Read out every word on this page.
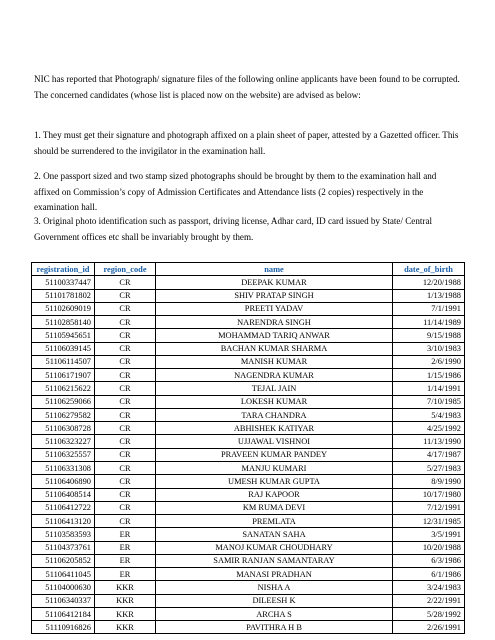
NIC has reported that Photograph/ signature files of the following online applicants have been found to be corrupted. The concerned candidates (whose list is placed now on the website) are advised as below:

1. They must get their signature and photograph affixed on a plain sheet of paper, attested by a Gazetted officer. This should be surrendered to the invigilator in the examination hall.

2. One passport sized and two stamp sized photographs should be brought by them to the examination hall and affixed on Commission’s copy of Admission Certificates and Attendance lists (2 copies) respectively in the examination hall.

3. Original photo identification such as passport, driving license, Adhar card, ID card issued by State/ Central Government offices etc shall be invariably brought by them.

registration_id	region_code	name	date_of_birth
51100337447	CR	DEEPAK KUMAR	12/20/1988
51101781802	CR	SHIV PRATAP SINGH	1/13/1988
51102609019	CR	PREETI YADAV	7/1/1991
51102858140	CR	NARENDRA SINGH	11/14/1989
51105945651	CR	MOHAMMAD TARIQ ANWAR	9/15/1988
51106039145	CR	BACHAN KUMAR SHARMA	3/10/1983
51106114507	CR	MANISH KUMAR	2/6/1990
51106171907	CR	NAGENDRA KUMAR	1/15/1986
51106215622	CR	TEJAL JAIN	1/14/1991
51106259066	CR	LOKESH KUMAR	7/10/1985
51106279582	CR	TARA CHANDRA	5/4/1983
51106308728	CR	ABHISHEK KATIYAR	4/25/1992
51106323227	CR	UJJAWAL VISHNOI	11/13/1990
51106325557	CR	PRAVEEN KUMAR PANDEY	4/17/1987
51106331308	CR	MANJU KUMARI	5/27/1983
51106406890	CR	UMESH KUMAR GUPTA	8/9/1990
51106408514	CR	RAJ KAPOOR	10/17/1980
51106412722	CR	KM RUMA DEVI	7/12/1991
51106413120	CR	PREMLATA	12/31/1985
51103583593	ER	SANATAN SAHA	3/5/1991
51104373761	ER	MANOJ KUMAR CHOUDHARY	10/20/1988
51106205852	ER	SAMIR RANJAN SAMANTARAY	6/3/1986
51106411045	ER	MANASI PRADHAN	6/1/1986
51104000630	KKR	NISHA A	3/24/1983
51106340337	KKR	DILEESH K	2/22/1991
51106412184	KKR	ARCHA S	5/28/1992
51110916826	KKR	PAVITHRA H B	2/26/1991
